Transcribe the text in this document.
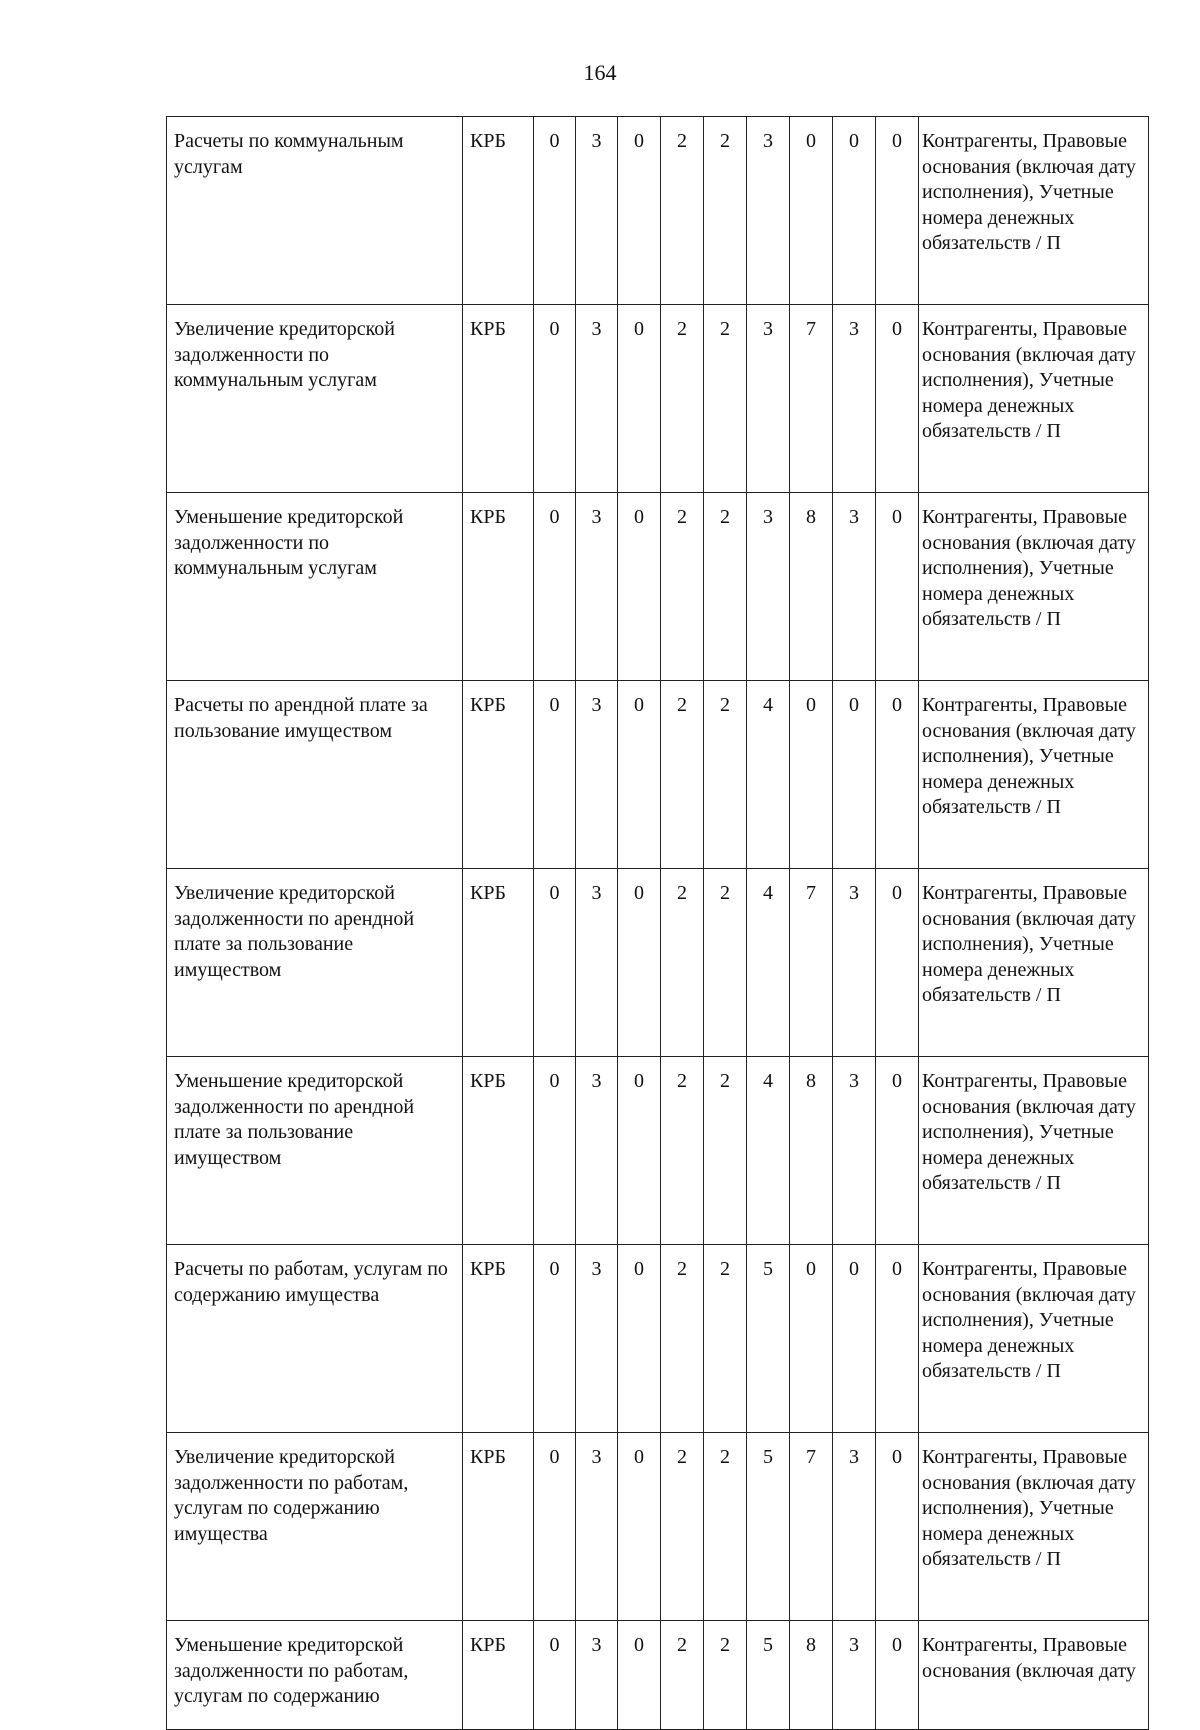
164
Расчеты по коммунальным услугам	КРБ	0	3	0	2	2	3	0	0	0	Контрагенты, Правовые основания (включая дату исполнения), Учетные номера денежных обязательств / П
Увеличение кредиторской задолженности по коммунальным услугам	КРБ	0	3	0	2	2	3	7	3	0	Контрагенты, Правовые основания (включая дату исполнения), Учетные номера денежных обязательств / П
Уменьшение кредиторской задолженности по коммунальным услугам	КРБ	0	3	0	2	2	3	8	3	0	Контрагенты, Правовые основания (включая дату исполнения), Учетные номера денежных обязательств / П
Расчеты по арендной плате за пользование имуществом	КРБ	0	3	0	2	2	4	0	0	0	Контрагенты, Правовые основания (включая дату исполнения), Учетные номера денежных обязательств / П
Увеличение кредиторской задолженности по арендной плате за пользование имуществом	КРБ	0	3	0	2	2	4	7	3	0	Контрагенты, Правовые основания (включая дату исполнения), Учетные номера денежных обязательств / П
Уменьшение кредиторской задолженности по арендной плате за пользование имуществом	КРБ	0	3	0	2	2	4	8	3	0	Контрагенты, Правовые основания (включая дату исполнения), Учетные номера денежных обязательств / П
Расчеты по работам, услугам по содержанию имущества	КРБ	0	3	0	2	2	5	0	0	0	Контрагенты, Правовые основания (включая дату исполнения), Учетные номера денежных обязательств / П
Увеличение кредиторской задолженности по работам, услугам по содержанию имущества	КРБ	0	3	0	2	2	5	7	3	0	Контрагенты, Правовые основания (включая дату исполнения), Учетные номера денежных обязательств / П
Уменьшение кредиторской задолженности по работам, услугам по содержанию	КРБ	0	3	0	2	2	5	8	3	0	Контрагенты, Правовые основания (включая дату
